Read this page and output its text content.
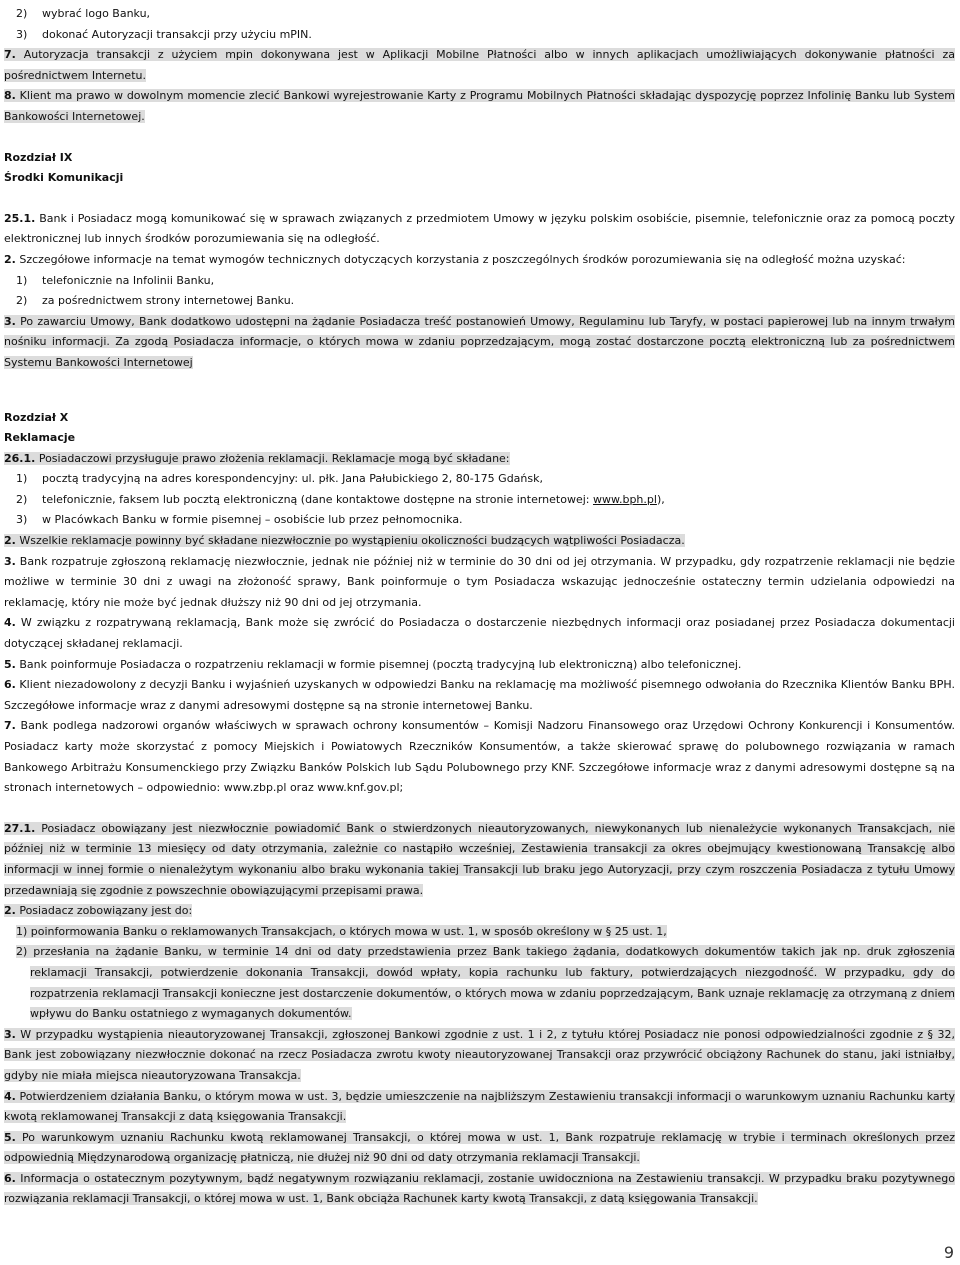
2) wybrać logo Banku,

3) dokonać Autoryzacji transakcji przy użyciu mPIN.

7. Autoryzacja transakcji z użyciem mpin dokonywana jest w Aplikacji Mobilne Płatności albo w innych aplikacjach umożliwiających dokonywanie płatności za pośrednictwem Internetu.

8. Klient ma prawo w dowolnym momencie zlecić Bankowi wyrejestrowanie Karty z Programu Mobilnych Płatności składając dyspozycję poprzez Infolinię Banku lub System Bankowości Internetowej.

Rozdział IX

Środki Komunikacji

25.1. Bank i Posiadacz mogą komunikować się w sprawach związanych z przedmiotem Umowy w języku polskim osobiście, pisemnie, telefonicznie oraz za pomocą poczty elektronicznej lub innych środków porozumiewania się na odległość.

2. Szczegółowe informacje na temat wymogów technicznych dotyczących korzystania z poszczególnych środków porozumiewania się na odległość można uzyskać:

1) telefonicznie na Infolinii Banku,

2) za pośrednictwem strony internetowej Banku.

3. Po zawarciu Umowy, Bank dodatkowo udostępni na żądanie Posiadacza treść postanowień Umowy, Regulaminu lub Taryfy, w postaci papierowej lub na innym trwałym nośniku informacji. Za zgodą Posiadacza informacje, o których mowa w zdaniu poprzedzającym, mogą zostać dostarczone pocztą elektroniczną lub za pośrednictwem Systemu Bankowości Internetowej

Rozdział X

Reklamacje

26.1. Posiadaczowi przysługuje prawo złożenia reklamacji. Reklamacje mogą być składane:

1) pocztą tradycyjną na adres korespondencyjny: ul. płk. Jana Pałubickiego 2, 80-175 Gdańsk,

2) telefonicznie, faksem lub pocztą elektroniczną (dane kontaktowe dostępne na stronie internetowej: www.bph.pl),

3) w Placówkach Banku w formie pisemnej – osobiście lub przez pełnomocnika.

2. Wszelkie reklamacje powinny być składane niezwłocznie po wystąpieniu okoliczności budzących wątpliwości Posiadacza.

3. Bank rozpatruje zgłoszoną reklamację niezwłocznie, jednak nie później niż w terminie do 30 dni od jej otrzymania. W przypadku, gdy rozpatrzenie reklamacji nie będzie możliwe w terminie 30 dni z uwagi na złożoność sprawy, Bank poinformuje o tym Posiadacza wskazując jednocześnie ostateczny termin udzielania odpowiedzi na reklamację, który nie może być jednak dłuższy niż 90 dni od jej otrzymania.

4. W związku z rozpatrywaną reklamacją, Bank może się zwrócić do Posiadacza o dostarczenie niezbędnych informacji oraz posiadanej przez Posiadacza dokumentacji dotyczącej składanej reklamacji.

5. Bank poinformuje Posiadacza o rozpatrzeniu reklamacji w formie pisemnej (pocztą tradycyjną lub elektroniczną) albo telefonicznej.

6. Klient niezadowolony z decyzji Banku i wyjaśnień uzyskanych w odpowiedzi Banku na reklamację ma możliwość pisemnego odwołania do Rzecznika Klientów Banku BPH. Szczegółowe informacje wraz z danymi adresowymi dostępne są na stronie internetowej Banku.

7. Bank podlega nadzorowi organów właściwych w sprawach ochrony konsumentów – Komisji Nadzoru Finansowego oraz Urzędowi Ochrony Konkurencji i Konsumentów. Posiadacz karty może skorzystać z pomocy Miejskich i Powiatowych Rzeczników Konsumentów, a także skierować sprawę do polubownego rozwiązania w ramach Bankowego Arbitrażu Konsumenckiego przy Związku Banków Polskich lub Sądu Polubownego przy KNF. Szczegółowe informacje wraz z danymi adresowymi dostępne są na stronach internetowych – odpowiednio: www.zbp.pl oraz www.knf.gov.pl;

27.1. Posiadacz obowiązany jest niezwłocznie powiadomić Bank o stwierdzonych nieautoryzowanych, niewykonanych lub nienależycie wykonanych Transakcjach, nie później niż w terminie 13 miesięcy od daty otrzymania, zależnie co nastąpiło wcześniej, Zestawienia transakcji za okres obejmujący kwestionowaną Transakcję albo informacji w innej formie o nienależytym wykonaniu albo braku wykonania takiej Transakcji lub braku jego Autoryzacji, przy czym roszczenia Posiadacza z tytułu Umowy przedawniają się zgodnie z powszechnie obowiązującymi przepisami prawa.

2. Posiadacz zobowiązany jest do:

1) poinformowania Banku o reklamowanych Transakcjach, o których mowa w ust. 1, w sposób określony w § 25 ust. 1,

2) przesłania na żądanie Banku, w terminie 14 dni od daty przedstawienia przez Bank takiego żądania, dodatkowych dokumentów takich jak np. druk zgłoszenia reklamacji Transakcji, potwierdzenie dokonania Transakcji, dowód wpłaty, kopia rachunku lub faktury, potwierdzających niezgodność. W przypadku, gdy do rozpatrzenia reklamacji Transakcji konieczne jest dostarczenie dokumentów, o których mowa w zdaniu poprzedzającym, Bank uznaje reklamację za otrzymaną z dniem wpływu do Banku ostatniego z wymaganych dokumentów.

3. W przypadku wystąpienia nieautoryzowanej Transakcji, zgłoszonej Bankowi zgodnie z ust. 1 i 2, z tytułu której Posiadacz nie ponosi odpowiedzialności zgodnie z § 32, Bank jest zobowiązany niezwłocznie dokonać na rzecz Posiadacza zwrotu kwoty nieautoryzowanej Transakcji oraz przywrócić obciążony Rachunek do stanu, jaki istniałby, gdyby nie miała miejsca nieautoryzowana Transakcja.

4. Potwierdzeniem działania Banku, o którym mowa w ust. 3, będzie umieszczenie na najbliższym Zestawieniu transakcji informacji o warunkowym uznaniu Rachunku karty kwotą reklamowanej Transakcji z datą księgowania Transakcji.

5. Po warunkowym uznaniu Rachunku kwotą reklamowanej Transakcji, o której mowa w ust. 1, Bank rozpatruje reklamację w trybie i terminach określonych przez odpowiednią Międzynarodową organizację płatniczą, nie dłużej niż 90 dni od daty otrzymania reklamacji Transakcji.

6. Informacja o ostatecznym pozytywnym, bądź negatywnym rozwiązaniu reklamacji, zostanie uwidoczniona na Zestawieniu transakcji. W przypadku braku pozytywnego rozwiązania reklamacji Transakcji, o której mowa w ust. 1, Bank obciąża Rachunek karty kwotą Transakcji, z datą księgowania Transakcji.

9
